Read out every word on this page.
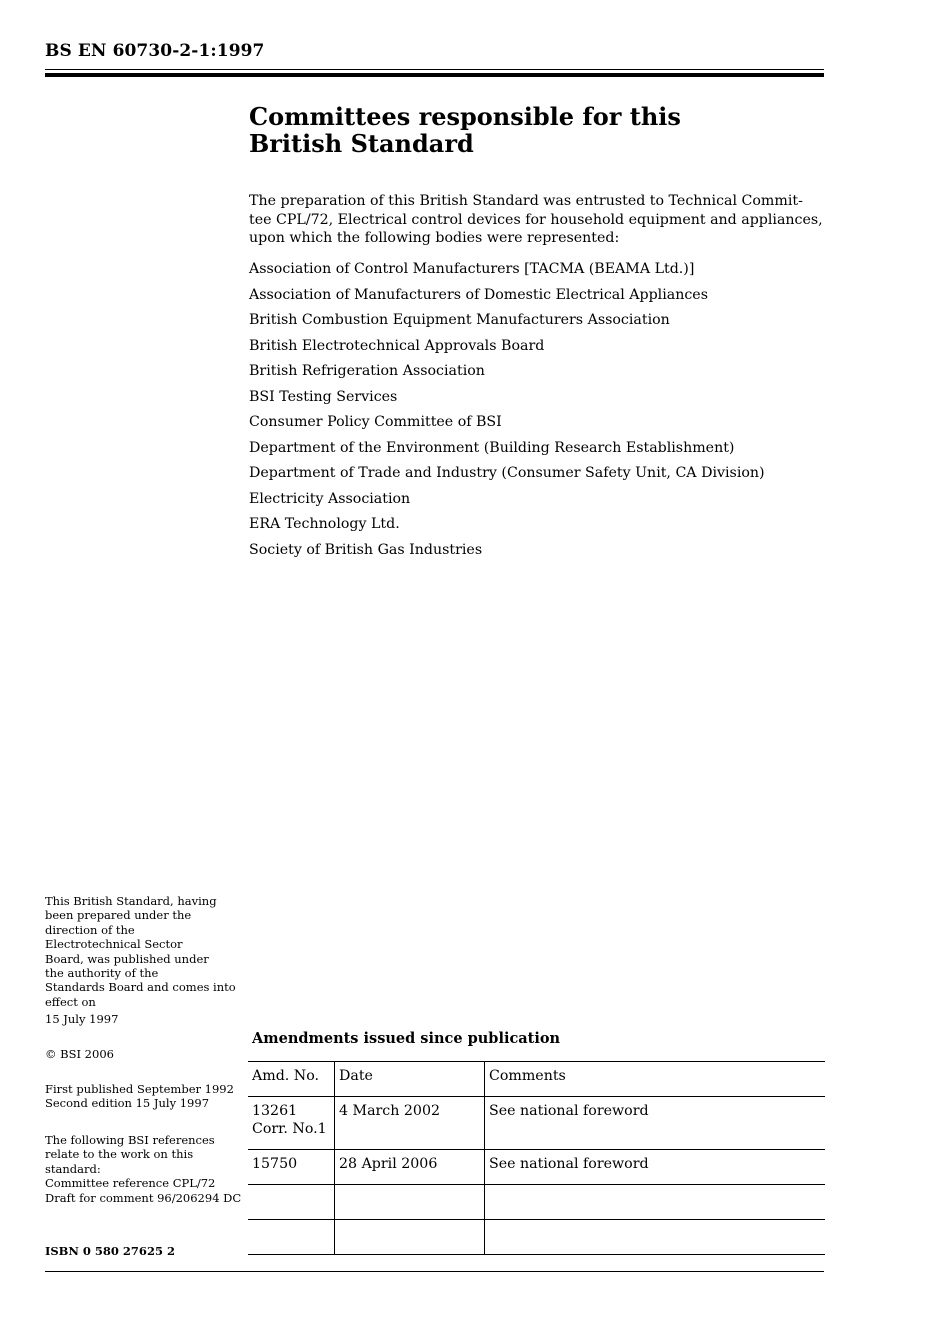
BS EN 60730-2-1:1997
Committees responsible for this
British Standard
The preparation of this British Standard was entrusted to Technical Commit-
tee CPL/72, Electrical control devices for household equipment and appliances,
upon which the following bodies were represented:
Association of Control Manufacturers [TACMA (BEAMA Ltd.)]
Association of Manufacturers of Domestic Electrical Appliances
British Combustion Equipment Manufacturers Association
British Electrotechnical Approvals Board
British Refrigeration Association
BSI Testing Services
Consumer Policy Committee of BSI
Department of the Environment (Building Research Establishment)
Department of Trade and Industry (Consumer Safety Unit, CA Division)
Electricity Association
ERA Technology Ltd.
Society of British Gas Industries
This British Standard, having
been prepared under the
direction of the
Electrotechnical Sector
Board, was published under
the authority of the
Standards Board and comes into
effect on
15 July 1997
© BSI 2006
First published September 1992
Second edition 15 July 1997
The following BSI references
relate to the work on this
standard:
Committee reference CPL/72
Draft for comment 96/206294 DC
ISBN 0 580 27625 2
Amendments issued since publication
Amd. No.	Date	Comments

13261
Corr. No.1	4 March 2002	See national foreword
15750	28 April 2006	See national foreword
